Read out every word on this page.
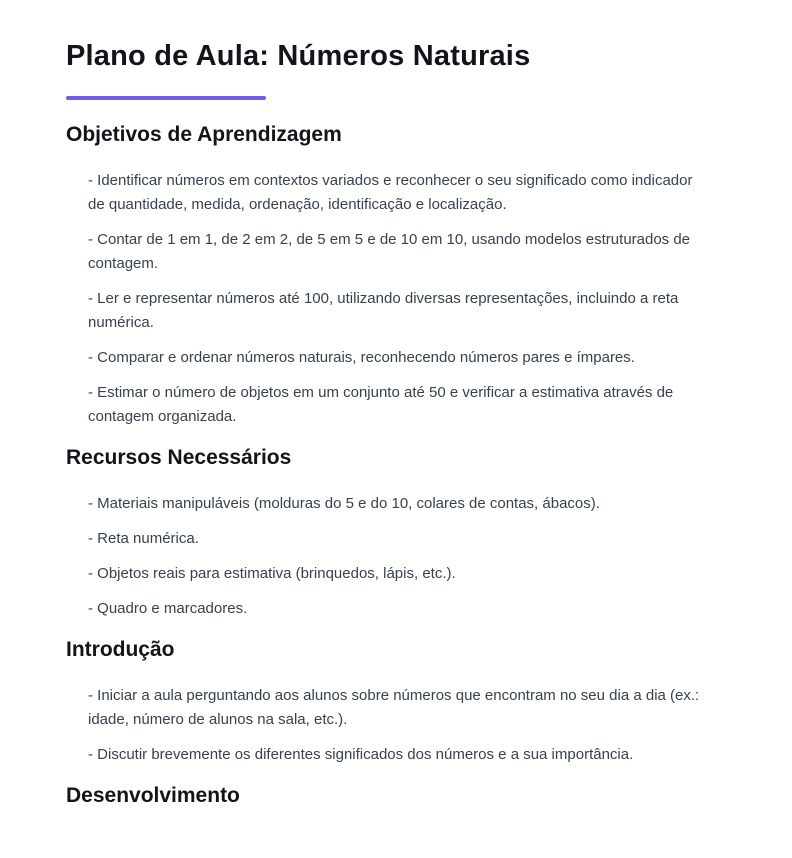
Plano de Aula: Números Naturais
Objetivos de Aprendizagem

- Identificar números em contextos variados e reconhecer o seu significado como indicador de quantidade, medida, ordenação, identificação e localização.

- Contar de 1 em 1, de 2 em 2, de 5 em 5 e de 10 em 10, usando modelos estruturados de contagem.

- Ler e representar números até 100, utilizando diversas representações, incluindo a reta numérica.

- Comparar e ordenar números naturais, reconhecendo números pares e ímpares.

- Estimar o número de objetos em um conjunto até 50 e verificar a estimativa através de contagem organizada.

Recursos Necessários

- Materiais manipuláveis (molduras do 5 e do 10, colares de contas, ábacos).

- Reta numérica.

- Objetos reais para estimativa (brinquedos, lápis, etc.).

- Quadro e marcadores.

Introdução

- Iniciar a aula perguntando aos alunos sobre números que encontram no seu dia a dia (ex.: idade, número de alunos na sala, etc.).

- Discutir brevemente os diferentes significados dos números e a sua importância.

Desenvolvimento
